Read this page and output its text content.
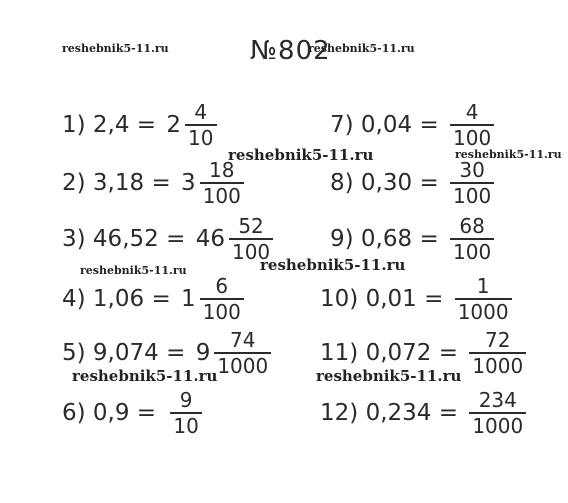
№802
reshebnik5-11.ru	reshebnik5-11.ru
reshebnik5-11.ru	reshebnik5-11.ru
reshebnik5-11.ru	reshebnik5-11.ru
reshebnik5-11.ru	reshebnik5-11.ru
1)
$2,4 = 2 \frac{4}{10}$
2)
$3,18 = 3 \frac{18}{100}$
3)
$46,52 = 46 \frac{52}{100}$
4)
$1,06 = 1 \frac{6}{100}$
5)
$9,074 = 9 \frac{74}{1000}$
6)
$0,9 = \frac{9}{10}$
7)
$0,04 = \frac{4}{100}$
8)
$0,30 = \frac{30}{100}$
9)
$0,68 = \frac{68}{100}$
10)
$0,01 = \frac{1}{1000}$
11)
$0,072 = \frac{72}{1000}$
12)
$0,234 = \frac{234}{1000}$
